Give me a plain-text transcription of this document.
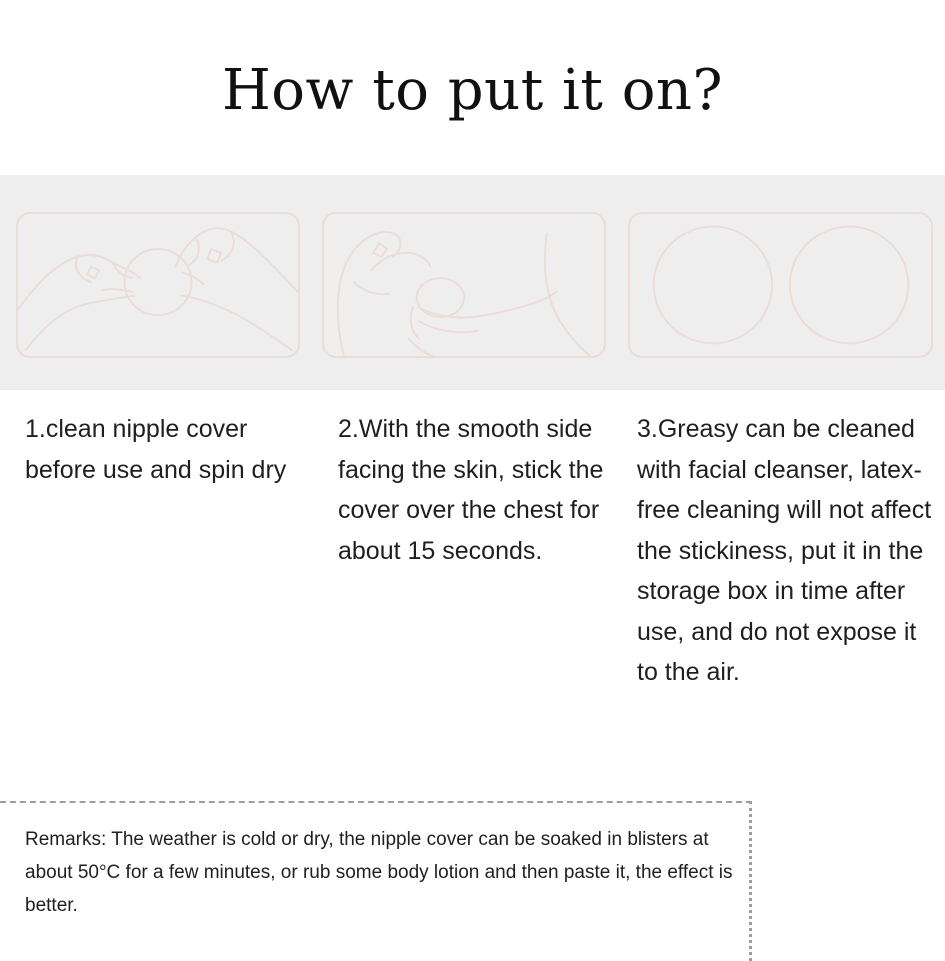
How to put it on?

1.clean nipple cover before use and spin dry

2.With the smooth side facing the skin, stick the cover over the chest for about 15 seconds.

3.Greasy can be cleaned with facial cleanser, latex-free cleaning will not affect the stickiness, put it in the storage box in time after use, and do not expose it to the air.

Remarks: The weather is cold or dry, the nipple cover can be soaked in blisters at about 50°C for a few minutes, or rub some body lotion and then paste it, the effect is better.
